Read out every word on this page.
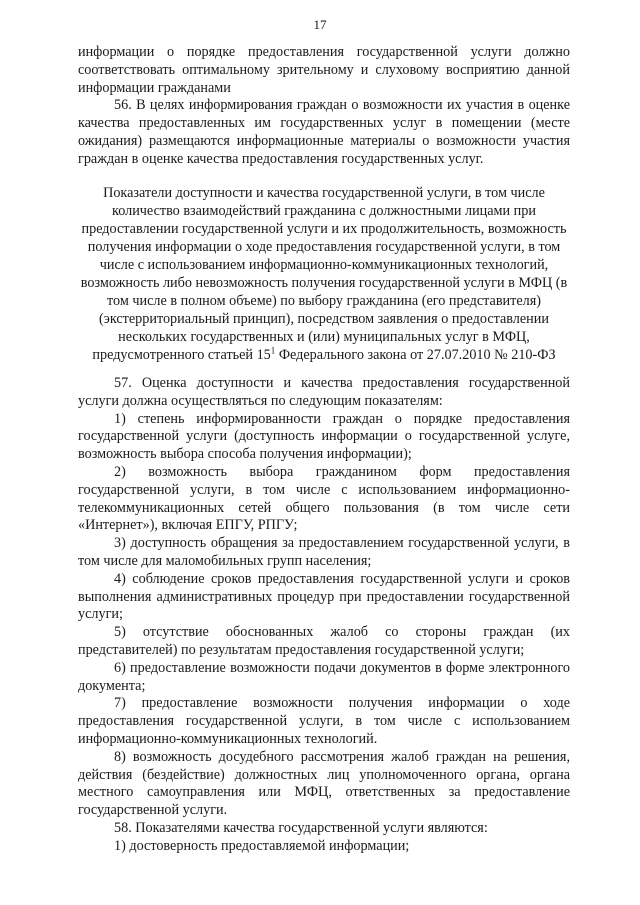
17

информации о порядке предоставления государственной услуги должно соответствовать оптимальному зрительному и слуховому восприятию данной информации гражданами

56. В целях информирования граждан о возможности их участия в оценке качества предоставленных им государственных услуг в помещении (месте ожидания) размещаются информационные материалы о возможности участия граждан в оценке качества предоставления государственных услуг.

Показатели доступности и качества государственной услуги, в том числе количество взаимодействий гражданина с должностными лицами при предоставлении государственной услуги и их продолжительность, возможность получения информации о ходе предоставления государственной услуги, в том числе с использованием информационно-коммуникационных технологий, возможность либо невозможность получения государственной услуги в МФЦ (в том числе в полном объеме) по выбору гражданина (его представителя) (экстерриториальный принцип), посредством заявления о предоставлении нескольких государственных и (или) муниципальных услуг в МФЦ, предусмотренного статьей $15^1$ Федерального закона от 27.07.2010 № 210-ФЗ

57. Оценка доступности и качества предоставления государственной услуги должна осуществляться по следующим показателям:

1) степень информированности граждан о порядке предоставления государственной услуги (доступность информации о государственной услуге, возможность выбора способа получения информации);

2) возможность выбора гражданином форм предоставления государственной услуги, в том числе с использованием информационно-телекоммуникационных сетей общего пользования (в том числе сети «Интернет»), включая ЕПГУ, РПГУ;

3) доступность обращения за предоставлением государственной услуги, в том числе для маломобильных групп населения;

4) соблюдение сроков предоставления государственной услуги и сроков выполнения административных процедур при предоставлении государственной услуги;

5) отсутствие обоснованных жалоб со стороны граждан (их представителей) по результатам предоставления государственной услуги;

6) предоставление возможности подачи документов в форме электронного документа;

7) предоставление возможности получения информации о ходе предоставления государственной услуги, в том числе с использованием информационно-коммуникационных технологий.

8) возможность досудебного рассмотрения жалоб граждан на решения, действия (бездействие) должностных лиц уполномоченного органа, органа местного самоуправления или МФЦ, ответственных за предоставление государственной услуги.

58. Показателями качества государственной услуги являются:

1) достоверность предоставляемой информации;
